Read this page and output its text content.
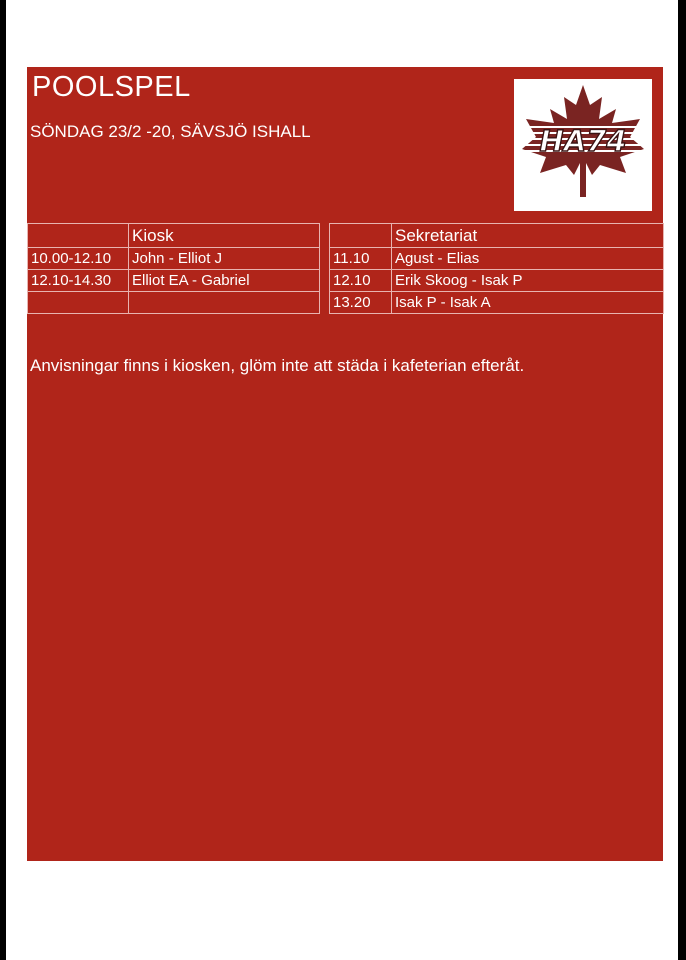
POOLSPEL
SÖNDAG 23/2 -20, SÄVSJÖ ISHALL	HA74
	Kiosk			Sekretariat
10.00-12.10	John - Elliot J		11.10	Agust - Elias
12.10-14.30	Elliot EA - Gabriel		12.10	Erik Skoog - Isak P
			13.20	Isak P - Isak A
Anvisningar finns i kiosken, glöm inte att städa i kafeterian efteråt.
